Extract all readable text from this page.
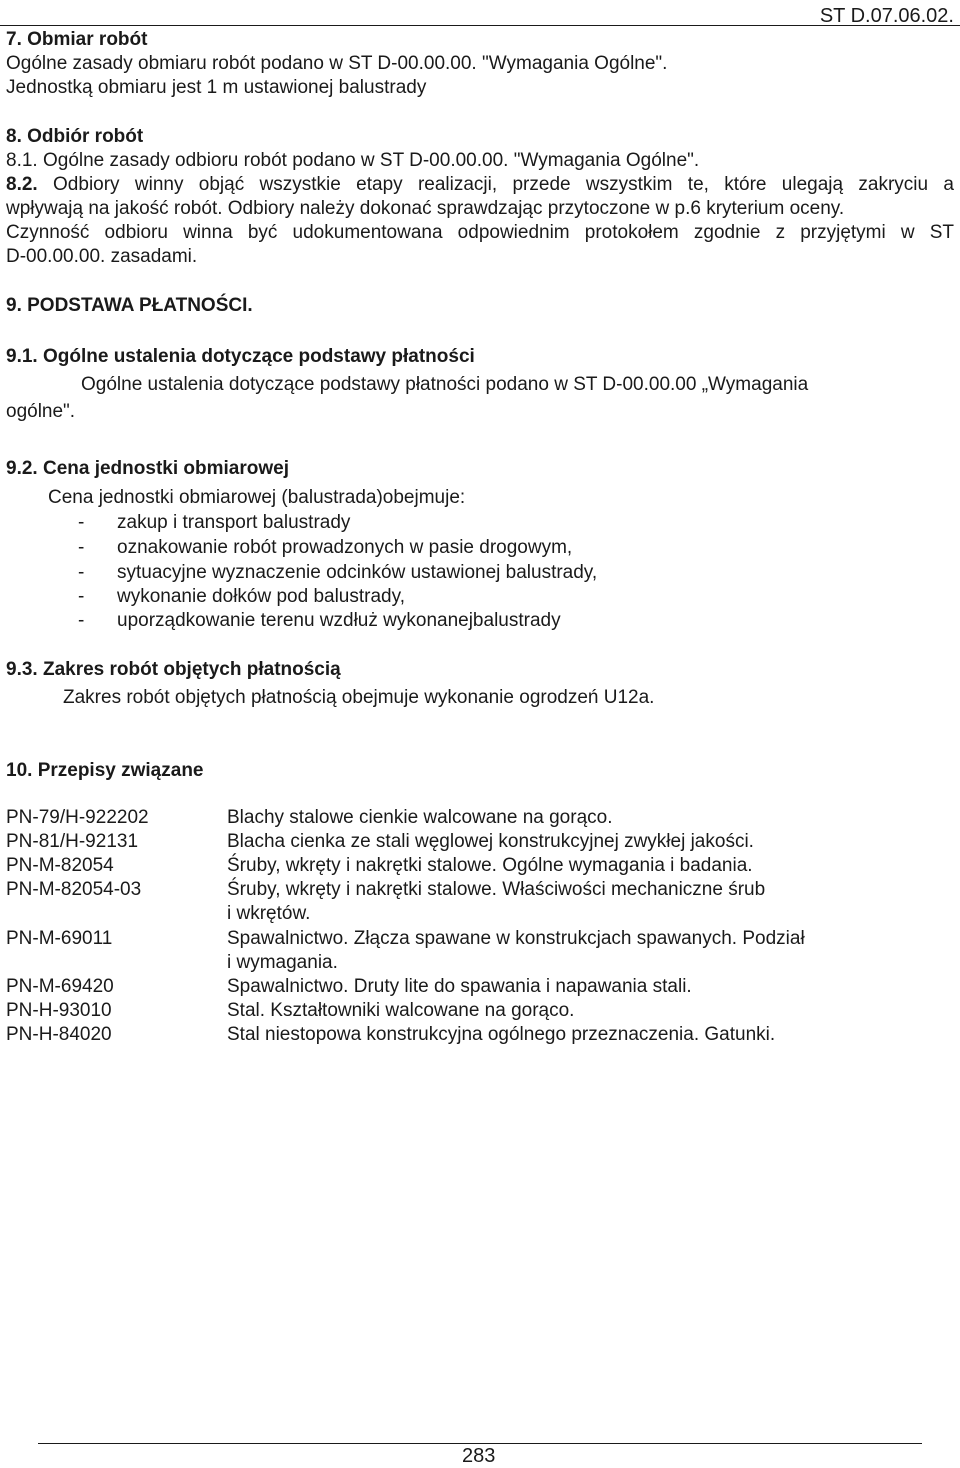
ST D.07.06.02.
7. Obmiar robót
Ogólne zasady obmiaru robót podano w ST D-00.00.00. "Wymagania Ogólne".
Jednostką obmiaru jest 1 m ustawionej balustrady
8. Odbiór robót
8.1. Ogólne zasady odbioru robót podano w ST D-00.00.00. "Wymagania Ogólne".
8.2. Odbiory winny objąć wszystkie etapy realizacji, przede wszystkim te, które ulegają zakryciu a
wpływają na jakość robót. Odbiory należy dokonać sprawdzając przytoczone w p.6 kryterium oceny.
Czynność odbioru winna być udokumentowana odpowiednim protokołem zgodnie z przyjętymi w ST
D-00.00.00. zasadami.
9. PODSTAWA PŁATNOŚCI.
9.1. Ogólne ustalenia dotyczące podstawy płatności
Ogólne ustalenia dotyczące podstawy płatności podano w ST D-00.00.00 „Wymagania
ogólne".
9.2. Cena jednostki obmiarowej
Cena jednostki obmiarowej (balustrada)obejmuje:
- zakup i transport balustrady
- oznakowanie robót prowadzonych w pasie drogowym,
- sytuacyjne wyznaczenie odcinków ustawionej balustrady,
- wykonanie dołków pod balustrady,
- uporządkowanie terenu wzdłuż wykonanejbalustrady
9.3. Zakres robót objętych płatnością
Zakres robót objętych płatnością obejmuje wykonanie ogrodzeń U12a.
10. Przepisy związane
PN-79/H-922202	Blachy stalowe cienkie walcowane na gorąco.
PN-81/H-92131	Blacha cienka ze stali węglowej konstrukcyjnej zwykłej jakości.
PN-M-82054	Śruby, wkręty i nakrętki stalowe. Ogólne wymagania i badania.
PN-M-82054-03	Śruby, wkręty i nakrętki stalowe. Właściwości mechaniczne śrub
i wkrętów.
PN-M-69011	Spawalnictwo. Złącza spawane w konstrukcjach spawanych. Podział
i wymagania.
PN-M-69420	Spawalnictwo. Druty lite do spawania i napawania stali.
PN-H-93010	Stal. Kształtowniki walcowane na gorąco.
PN-H-84020	Stal niestopowa konstrukcyjna ogólnego przeznaczenia. Gatunki.
283
